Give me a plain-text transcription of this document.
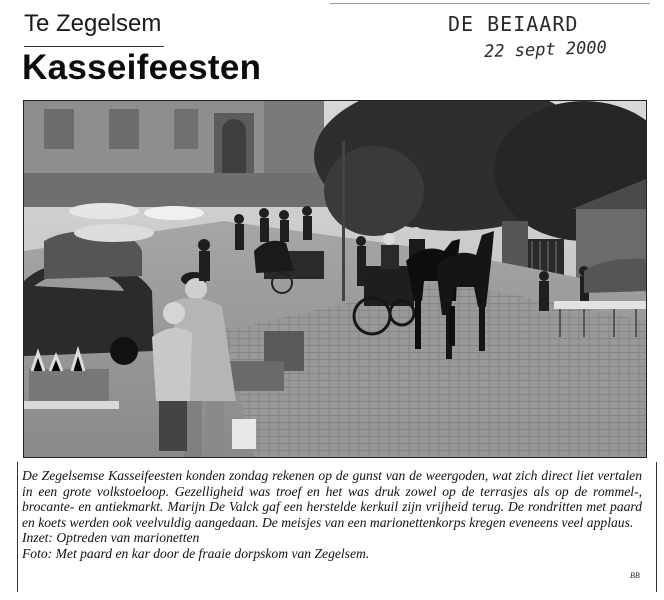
Te Zegelsem
Kasseifeesten
DE BEIAARD
22 sept 2000

De Zegelsemse Kasseifeesten konden zondag rekenen op de gunst van de weergoden, wat zich direct liet vertalen in een grote volkstoeloop. Gezelligheid was troef en het was druk zowel op de terrasjes als op de rommel-, brocante- en antiekmarkt. Marijn De Valck gaf een herstelde kerkuil zijn vrijheid terug. De rondritten met paard en koets werden ook veelvuldig aangedaan. De meisjes van een marionettenkorps kregen eveneens veel applaus.

Inzet: Optreden van marionetten

Foto: Met paard en kar door de fraaie dorpskom van Zegelsem.

BB
